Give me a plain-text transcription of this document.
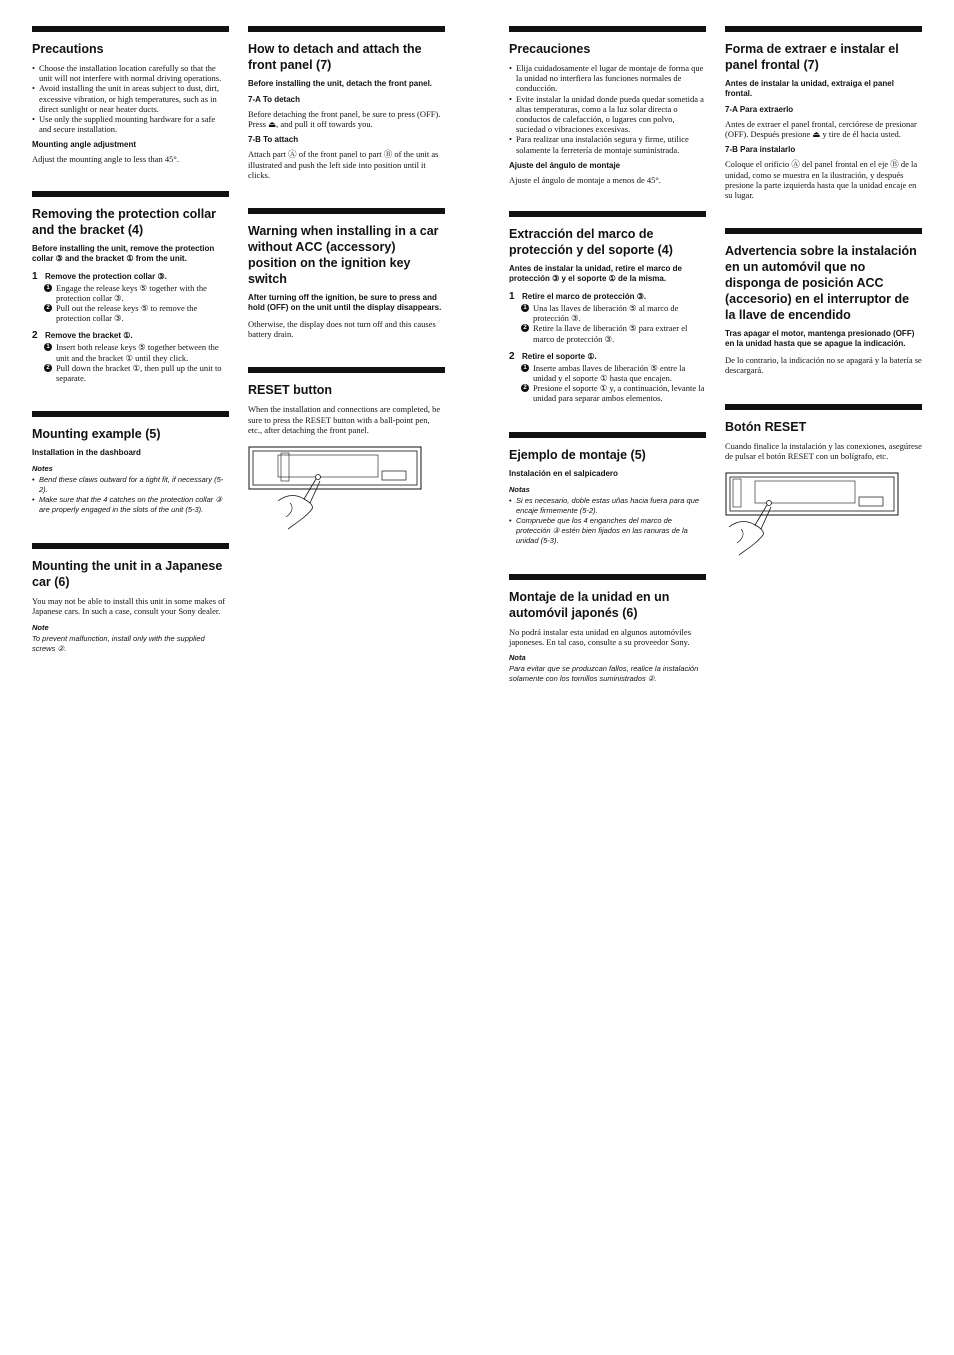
Precautions
• Choose the installation location carefully so that the unit will not interfere with normal driving operations.
• Avoid installing the unit in areas subject to dust, dirt, excessive vibration, or high temperatures, such as in direct sunlight or near heater ducts.
• Use only the supplied mounting hardware for a safe and secure installation.
Mounting angle adjustment

Adjust the mounting angle to less than 45°.

Removing the protection collar and the bracket (4)
Before installing the unit, remove the protection collar ③ and the bracket ① from the unit.
1 Remove the protection collar ③.

1 Engage the release keys ⑤ together with the protection collar ③.

2 Pull out the release keys ⑤ to remove the protection collar ③.

2 Remove the bracket ①.

1 Insert both release keys ⑤ together between the unit and the bracket ① until they click.

2 Pull down the bracket ①, then pull up the unit to separate.

Mounting example (5)
Installation in the dashboard
Notes
• Bend these claws outward for a tight fit, if necessary (5-2).
• Make sure that the 4 catches on the protection collar ③ are properly engaged in the slots of the unit (5-3).
Mounting the unit in a Japanese car (6)

You may not be able to install this unit in some makes of Japanese cars. In such a case, consult your Sony dealer.

Note

To prevent malfunction, install only with the supplied screws ②.

How to detach and attach the front panel (7)
Before installing the unit, detach the front panel.
7-A To detach

Before detaching the front panel, be sure to press (OFF). Press ⏏, and pull it off towards you.

7-B To attach

Attach part Ⓐ of the front panel to part Ⓑ of the unit as illustrated and push the left side into position until it clicks.

Warning when installing in a car without ACC (accessory) position on the ignition key switch
After turning off the ignition, be sure to press and hold (OFF) on the unit until the display disappears.

Otherwise, the display does not turn off and this causes battery drain.

RESET button

When the installation and connections are completed, be sure to press the RESET button with a ball-point pen, etc., after detaching the front panel.

Precauciones
• Elija cuidadosamente el lugar de montaje de forma que la unidad no interfiera las funciones normales de conducción.
• Evite instalar la unidad donde pueda quedar sometida a altas temperaturas, como a la luz solar directa o conductos de calefacción, o lugares con polvo, suciedad o vibraciones excesivas.
• Para realizar una instalación segura y firme, utilice solamente la ferretería de montaje suministrada.
Ajuste del ángulo de montaje

Ajuste el ángulo de montaje a menos de 45°.

Extracción del marco de protección y del soporte (4)
Antes de instalar la unidad, retire el marco de protección ③ y el soporte ① de la misma.
1 Retire el marco de protección ③.

1 Una las llaves de liberación ⑤ al marco de protección ③.

2 Retire la llave de liberación ⑤ para extraer el marco de protección ③.

2 Retire el soporte ①.

1 Inserte ambas llaves de liberación ⑤ entre la unidad y el soporte ① hasta que encajen.

2 Presione el soporte ① y, a continuación, levante la unidad para separar ambos elementos.

Ejemplo de montaje (5)
Instalación en el salpicadero
Notas
• Si es necesario, doble estas uñas hacia fuera para que encaje firmemente (5-2).
• Compruebe que los 4 enganches del marco de protección ③ estén bien fijados en las ranuras de la unidad (5-3).
Montaje de la unidad en un automóvil japonés (6)

No podrá instalar esta unidad en algunos automóviles japoneses. En tal caso, consulte a su proveedor Sony.

Nota

Para evitar que se produzcan fallos, realice la instalación solamente con los tornillos suministrados ②.

Forma de extraer e instalar el panel frontal (7)
Antes de instalar la unidad, extraiga el panel frontal.
7-A Para extraerlo

Antes de extraer el panel frontal, cerciórese de presionar (OFF). Después presione ⏏ y tire de él hacia usted.

7-B Para instalarlo

Coloque el orificio Ⓐ del panel frontal en el eje Ⓑ de la unidad, como se muestra en la ilustración, y después presione la parte izquierda hasta que la unidad encaje en su lugar.

Advertencia sobre la instalación en un automóvil que no disponga de posición ACC (accesorio) en el interruptor de la llave de encendido
Tras apagar el motor, mantenga presionado (OFF) en la unidad hasta que se apague la indicación.

De lo contrario, la indicación no se apagará y la batería se descargará.

Botón RESET

Cuando finalice la instalación y las conexiones, asegúrese de pulsar el botón RESET con un bolígrafo, etc.
